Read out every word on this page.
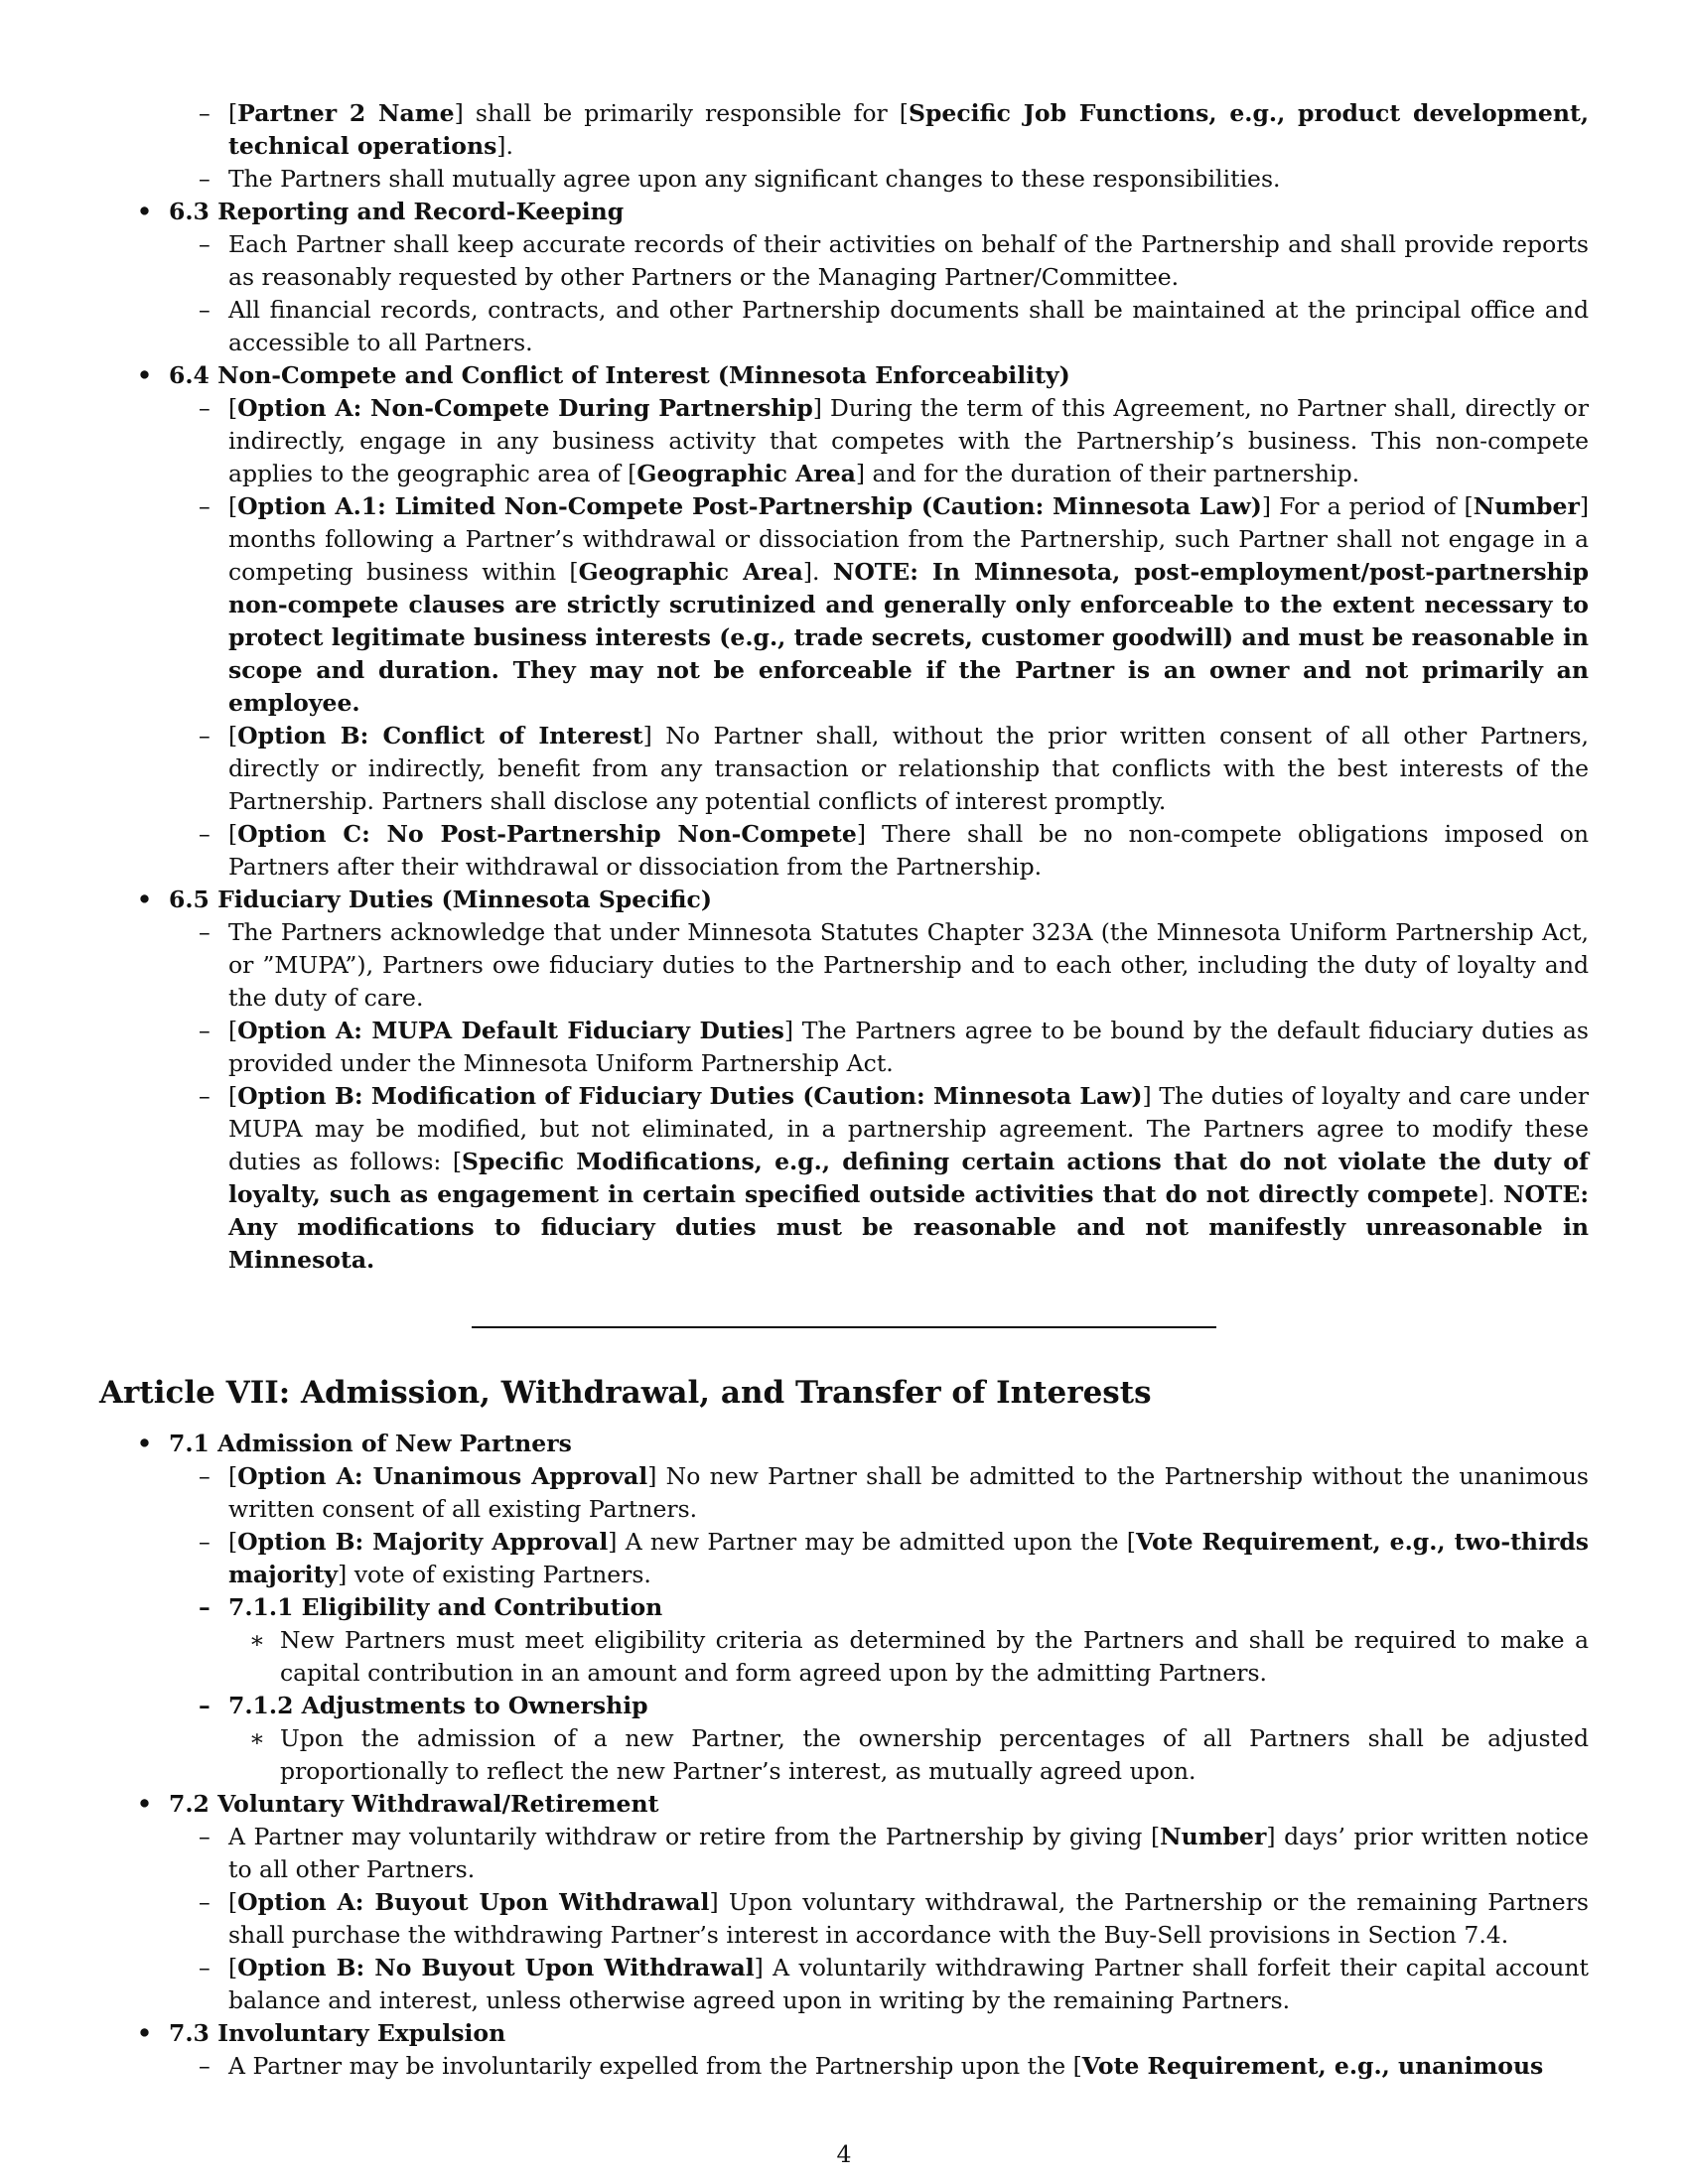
– [Partner 2 Name] shall be primarily responsible for [Specific Job Functions, e.g., product development, technical operations].
– The Partners shall mutually agree upon any significant changes to these responsibilities.
• 6.3 Reporting and Record-Keeping
– Each Partner shall keep accurate records of their activities on behalf of the Partnership and shall provide reports as reasonably requested by other Partners or the Managing Partner/Committee.
– All financial records, contracts, and other Partnership documents shall be maintained at the principal office and accessible to all Partners.
• 6.4 Non-Compete and Conflict of Interest (Minnesota Enforceability)
– [Option A: Non-Compete During Partnership] During the term of this Agreement, no Partner shall, directly or indirectly, engage in any business activity that competes with the Partnership’s business. This non-compete applies to the geographic area of [Geographic Area] and for the duration of their partnership.
– [Option A.1: Limited Non-Compete Post-Partnership (Caution: Minnesota Law)] For a period of [Number] months following a Partner’s withdrawal or dissociation from the Partnership, such Partner shall not engage in a competing business within [Geographic Area]. NOTE: In Minnesota, post-employment/post-partnership non-compete clauses are strictly scrutinized and generally only enforceable to the extent necessary to protect legitimate business interests (e.g., trade secrets, customer goodwill) and must be reasonable in scope and duration. They may not be enforceable if the Partner is an owner and not primarily an employee.
– [Option B: Conflict of Interest] No Partner shall, without the prior written consent of all other Partners, directly or indirectly, benefit from any transaction or relationship that conflicts with the best interests of the Partnership. Partners shall disclose any potential conflicts of interest promptly.
– [Option C: No Post-Partnership Non-Compete] There shall be no non-compete obligations imposed on Partners after their withdrawal or dissociation from the Partnership.
• 6.5 Fiduciary Duties (Minnesota Specific)
– The Partners acknowledge that under Minnesota Statutes Chapter 323A (the Minnesota Uniform Partnership Act, or ”MUPA”), Partners owe fiduciary duties to the Partnership and to each other, including the duty of loyalty and the duty of care.
– [Option A: MUPA Default Fiduciary Duties] The Partners agree to be bound by the default fiduciary duties as provided under the Minnesota Uniform Partnership Act.
– [Option B: Modification of Fiduciary Duties (Caution: Minnesota Law)] The duties of loyalty and care under MUPA may be modified, but not eliminated, in a partnership agreement. The Partners agree to modify these duties as follows: [Specific Modifications, e.g., defining certain actions that do not violate the duty of loyalty, such as engagement in certain specified outside activities that do not directly compete]. NOTE: Any modifications to fiduciary duties must be reasonable and not manifestly unreasonable in Minnesota.
Article VII: Admission, Withdrawal, and Transfer of Interests
• 7.1 Admission of New Partners
– [Option A: Unanimous Approval] No new Partner shall be admitted to the Partnership without the unanimous written consent of all existing Partners.
– [Option B: Majority Approval] A new Partner may be admitted upon the [Vote Requirement, e.g., two-thirds majority] vote of existing Partners.
– 7.1.1 Eligibility and Contribution
∗ New Partners must meet eligibility criteria as determined by the Partners and shall be required to make a capital contribution in an amount and form agreed upon by the admitting Partners.
– 7.1.2 Adjustments to Ownership
∗ Upon the admission of a new Partner, the ownership percentages of all Partners shall be adjusted proportionally to reflect the new Partner’s interest, as mutually agreed upon.
• 7.2 Voluntary Withdrawal/Retirement
– A Partner may voluntarily withdraw or retire from the Partnership by giving [Number] days’ prior written notice to all other Partners.
– [Option A: Buyout Upon Withdrawal] Upon voluntary withdrawal, the Partnership or the remaining Partners shall purchase the withdrawing Partner’s interest in accordance with the Buy-Sell provisions in Section 7.4.
– [Option B: No Buyout Upon Withdrawal] A voluntarily withdrawing Partner shall forfeit their capital account balance and interest, unless otherwise agreed upon in writing by the remaining Partners.
• 7.3 Involuntary Expulsion
– A Partner may be involuntarily expelled from the Partnership upon the [Vote Requirement, e.g., unanimous
4
